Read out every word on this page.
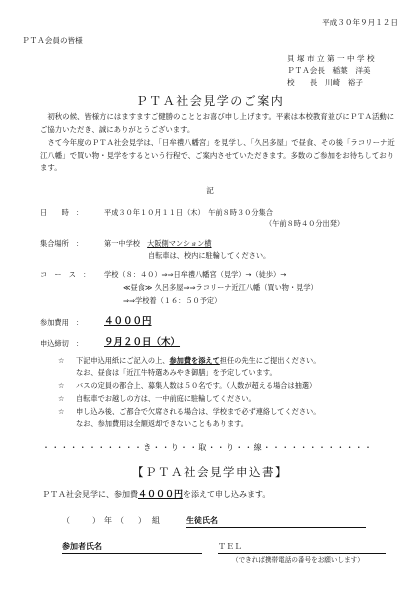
平成３０年９月１２日
ＰＴＡ会員の皆様
貝 塚 市 立 第 一 中 学 校
ＰＴＡ会長　稲葉　洋美
校　　長　川崎　裕子
ＰＴＡ社会見学のご案内
　初秋の候、皆様方にはますますご健勝のこととお喜び申し上げます。平素は本校教育並びにＰＴＡ活動にご協力いただき、誠にありがとうございます。
　さて今年度のＰＴＡ社会見学は、「日牟禮八幡宮」を見学し、「久呂多屋」で昼食、その後「ラコリーナ近江八幡」で買い物・見学をするという行程で、ご案内させていただきます。多数のご参加をお待ちしております。
記
日　　時　：	平成３０年１０月１１日（木）　午前８時３０分集合
（午前８時４０分出発）
集合場所　：	第一中学校　大阪側マンション横
自転車は、校内に駐輪してください。
コ　ー　ス　： 学校（８：４０）⇒⇒日牟禮八幡宮（見学）→（徒歩）→
≪昼食≫ 久呂多屋⇒⇒ラコリーナ近江八幡（買い物・見学）
⇒⇒学校着（１６：５０予定）
参加費用　： ４０００円
申込締切　： ９月２０日（木）
☆ 下記申込用紙にご記入の上、参加費を添えて担任の先生にご提出ください。
なお、昼食は「近江牛特選あみやき御膳」を予定しています。
☆ バスの定員の都合上、募集人数は５０名です。（人数が超える場合は抽選）
☆ 自転車でお越しの方は、一中前庭に駐輪してください。
☆ 申し込み後、ご都合で欠席される場合は、学校まで必ず連絡してください。
なお、参加費用は全額返却できないこともあります。
・・・・・・・・・・・き・・り・・取・・り・・線・・・・・・・・・・・・
【ＰＴＡ社会見学申込書】
ＰＴＡ社会見学に、参加費４０００円を添えて申し込みます。
（	） 年 （ ） 組	生徒氏名
参加者氏名	ＴＥＬ
（できれば携帯電話の番号をお願いします）
